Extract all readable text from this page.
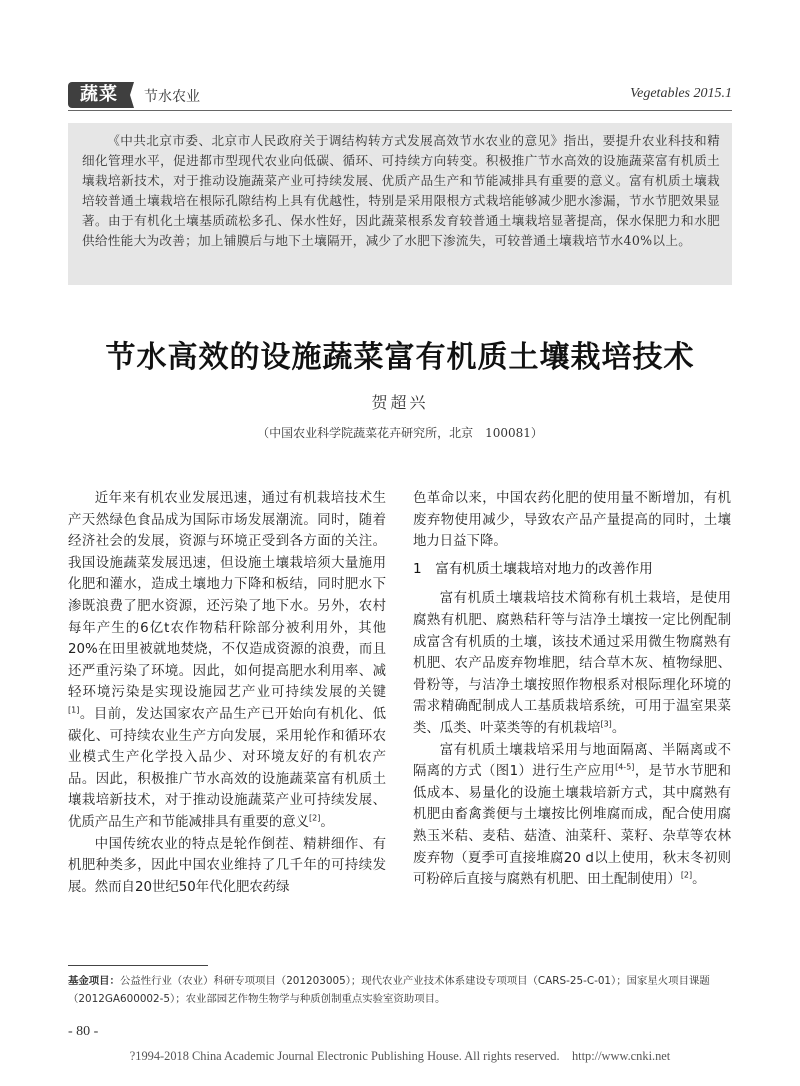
蔬菜	节水农业	Vegetables 2015.1

《中共北京市委、北京市人民政府关于调结构转方式发展高效节水农业的意见》指出，要提升农业科技和精细化管理水平，促进都市型现代农业向低碳、循环、可持续方向转变。积极推广节水高效的设施蔬菜富有机质土壤栽培新技术，对于推动设施蔬菜产业可持续发展、优质产品生产和节能减排具有重要的意义。富有机质土壤栽培较普通土壤栽培在根际孔隙结构上具有优越性，特别是采用限根方式栽培能够减少肥水渗漏，节水节肥效果显著。由于有机化土壤基质疏松多孔、保水性好，因此蔬菜根系发育较普通土壤栽培显著提高，保水保肥力和水肥供给性能大为改善；加上铺膜后与地下土壤隔开，减少了水肥下渗流失，可较普通土壤栽培节水40%以上。

节水高效的设施蔬菜富有机质土壤栽培技术
贺超兴
（中国农业科学院蔬菜花卉研究所，北京　100081）

近年来有机农业发展迅速，通过有机栽培技术生产天然绿色食品成为国际市场发展潮流。同时，随着经济社会的发展，资源与环境正受到各方面的关注。我国设施蔬菜发展迅速，但设施土壤栽培须大量施用化肥和灌水，造成土壤地力下降和板结，同时肥水下渗既浪费了肥水资源，还污染了地下水。另外，农村每年产生的6亿t农作物秸秆除部分被利用外，其他20%在田里被就地焚烧，不仅造成资源的浪费，而且还严重污染了环境。因此，如何提高肥水利用率、减轻环境污染是实现设施园艺产业可持续发展的关键[1]。目前，发达国家农产品生产已开始向有机化、低碳化、可持续农业生产方向发展，采用轮作和循环农业模式生产化学投入品少、对环境友好的有机农产品。因此，积极推广节水高效的设施蔬菜富有机质土壤栽培新技术，对于推动设施蔬菜产业可持续发展、优质产品生产和节能减排具有重要的意义[2]。

中国传统农业的特点是轮作倒茬、精耕细作、有机肥种类多，因此中国农业维持了几千年的可持续发展。然而自20世纪50年代化肥农药绿

色革命以来，中国农药化肥的使用量不断增加，有机废弃物使用减少，导致农产品产量提高的同时，土壤地力日益下降。

1　富有机质土壤栽培对地力的改善作用

富有机质土壤栽培技术简称有机土栽培，是使用腐熟有机肥、腐熟秸秆等与洁净土壤按一定比例配制成富含有机质的土壤，该技术通过采用微生物腐熟有机肥、农产品废弃物堆肥，结合草木灰、植物绿肥、骨粉等，与洁净土壤按照作物根系对根际理化环境的需求精确配制成人工基质栽培系统，可用于温室果菜类、瓜类、叶菜类等的有机栽培[3]。

富有机质土壤栽培采用与地面隔离、半隔离或不隔离的方式（图1）进行生产应用[4-5]，是节水节肥和低成本、易量化的设施土壤栽培新方式，其中腐熟有机肥由畜禽粪便与土壤按比例堆腐而成，配合使用腐熟玉米秸、麦秸、菇渣、油菜秆、菜籽、杂草等农林废弃物（夏季可直接堆腐20 d以上使用，秋末冬初则可粉碎后直接与腐熟有机肥、田土配制使用）[2]。

基金项目：公益性行业（农业）科研专项项目（201203005）；现代农业产业技术体系建设专项项目（CARS-25-C-01）；国家星火项目课题（2012GA600002-5）；农业部园艺作物生物学与种质创制重点实验室资助项目。
- 80 -
?1994-2018 China Academic Journal Electronic Publishing House. All rights reserved.　http://www.cnki.net
